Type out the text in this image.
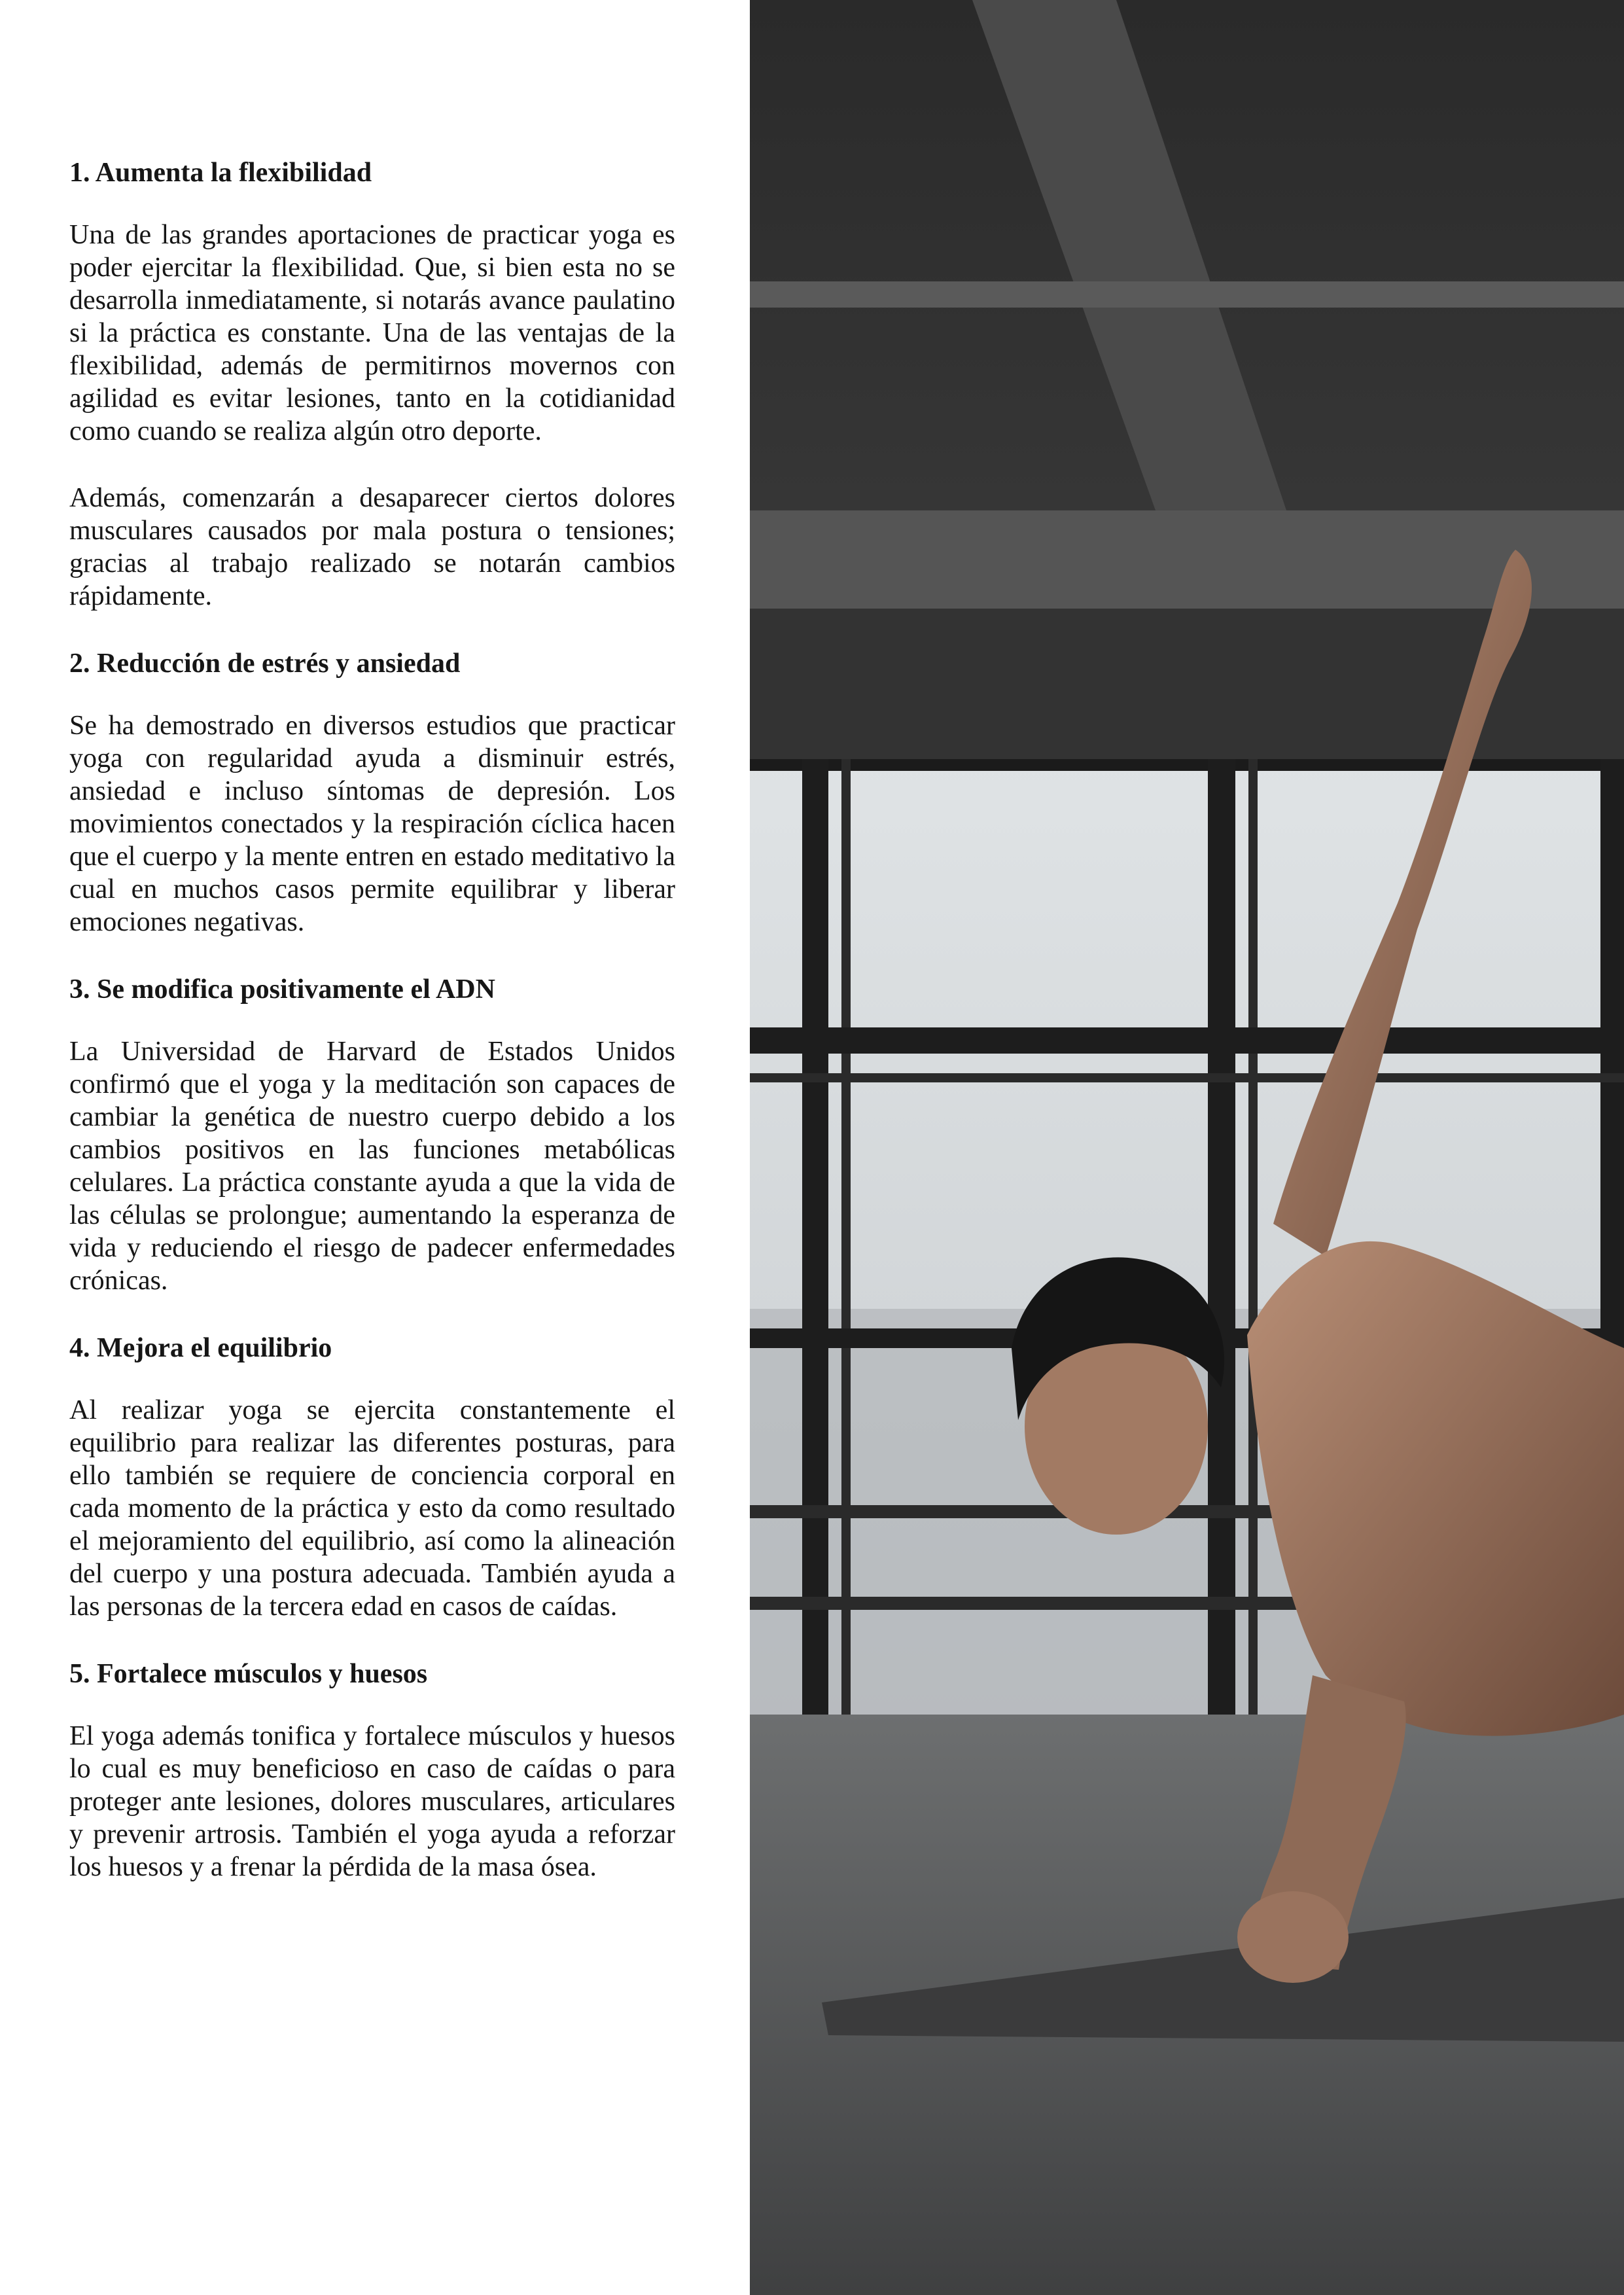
1. Aumenta la flexibilidad

Una de las grandes aportaciones de practicar yoga es poder ejercitar la flexibilidad. Que, si bien esta no se desarrolla inmediatamente, si notarás avance paulatino si la práctica es constante. Una de las ventajas de la flexibilidad, además de permitirnos movernos con agilidad es evitar lesiones, tanto en la cotidianidad como cuando se realiza algún otro deporte.

Además, comenzarán a desaparecer ciertos dolores musculares causados por mala postura o tensiones; gracias al trabajo realizado se notarán cambios rápidamente.

2. Reducción de estrés y ansiedad

Se ha demostrado en diversos estudios que practicar yoga con regularidad ayuda a disminuir estrés, ansiedad e incluso síntomas de depresión. Los movimientos conectados y la respiración cíclica hacen que el cuerpo y la mente entren en estado meditativo la cual en muchos casos permite equilibrar y liberar emociones negativas.

3. Se modifica positivamente el ADN

La Universidad de Harvard de Estados Unidos confirmó que el yoga y la meditación son capaces de cambiar la genética de nuestro cuerpo debido a los cambios positivos en las funciones metabólicas celulares. La práctica constante ayuda a que la vida de las células se prolongue; aumentando la esperanza de vida y reduciendo el riesgo de padecer enfermedades crónicas.

4. Mejora el equilibrio

Al realizar yoga se ejercita constantemente el equilibrio para realizar las diferentes posturas, para ello también se requiere de conciencia corporal en cada momento de la práctica y esto da como resultado el mejoramiento del equilibrio, así como la alineación del cuerpo y una postura adecuada. También ayuda a las personas de la tercera edad en casos de caídas.

5. Fortalece músculos y huesos

El yoga además tonifica y fortalece músculos y huesos lo cual es muy beneficioso en caso de caídas o para proteger ante lesiones, dolores musculares, articulares y prevenir artrosis. También el yoga ayuda a reforzar los huesos y a frenar la pérdida de la masa ósea.
